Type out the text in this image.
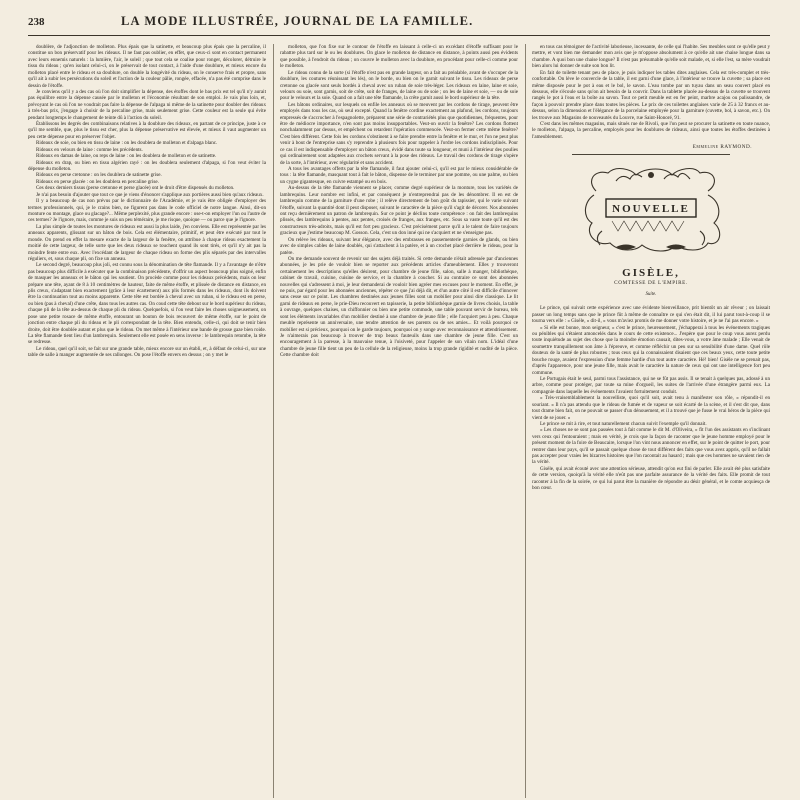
238	LA MODE ILLUSTRÉE, JOURNAL DE LA FAMILLE.

doublère, de l'adjonction de molleton. Plus épais que la satinette, et beaucoup plus épais que la percaline, il constitue un bon préservatif pour les rideaux. Il ne faut pas oublier, en effet, que ceux-ci sont en contact permanent avec leurs ennemis naturels : la lumière, l'air, le soleil ; que tout cela se coalise pour ronger, décolorer, détruire le tissu du rideau ; qu'en isolant celui-ci, on le préservait de tout contact, à l'aide d'une doublure, et mieux encore du molleton placé entre le rideau et sa doublure, on double la longévité du rideau, on le conserve frais et propre, sans qu'il ait à subir les persécutions du soleil et l'action de la couleur pâlie, rongée, effacée, n'a pas été comprise dans le dessin de l'étoffe.

Je conviens qu'il y a des cas où l'on doit simplifier la dépense, des étoffes dont le bas prix est tel qu'il n'y aurait pas équilibre entre la dépense causée par le molleton et l'économie résultant de son emploi. Je vais plus loin, et, prévoyant le cas où l'on ne voudrait pas faire la dépense de l'alpaga ni même de la satinette pour doubler des rideaux à très-bas prix, j'engage à choisir de la percaline grise, mais seulement grise. Cette couleur est la seule qui évite pendant longtemps le changement de teinte dû à l'action du soleil.

Établissons les degrés des combinaisons relatives à la doublure des rideaux, en partant de ce principe, juste à ce qu'il me semble, que, plus le tissu est cher, plus la dépense préservative est élevée, et mieux il vaut augmenter un peu cette dépense pour en préserver l'objet.

Rideaux de soie, ou bien en tissu de laine : on les doublera de molleton et d'alpaga blanc.

Rideaux en velours de laine : comme les précédents.

Rideaux en damas de laine, ou reps de laine : on les doublera de molleton et de satinette.

Rideaux en drap, ou bien en tissu algérien rayé : on les doublera seulement d'alpaga, si l'on veut éviter la dépense du molleton.

Rideaux en perse cretonne : on les doublera de satinette grise.

Rideaux en perse glacée : on les doublera en percaline grise.

Ces deux derniers tissus (perse cretonne et perse glacée) ont le droit d'être dispensés du molleton.

Je n'ai pas besoin d'ajouter que tout ce que je viens d'énoncer s'applique aux portières aussi bien qu'aux rideaux.

Il y a beaucoup de cas non prévus par le dictionnaire de l'Académie, et je vais être obligée d'employer des termes professionnels, qui, je le crains bien, ne figurent pas dans le code officiel de notre langue. Ainsi, dit-on monture ou montage, glace ou glacage?... Même perplexité, plus grande encore : ose-t-on employer l'un ou l'autre de ces termes? Je l'ignore, mais, comme je suis un peu téméraire, je me risque, quoique — ou parce que je l'ignore.

La plus simple de toutes les montures de rideaux est aussi la plus laide, j'en conviens. Elle est représentée par les anneaux apparents, glissant sur un bâton de bois. Cela est élémentaire, primitif, et peut être exécuté par tout le monde. On prend en effet la mesure exacte de la largeur de la fenêtre, on attribue à chaque rideau exactement la moitié de cette largeur, de telle sorte que les deux rideaux se touchent quand ils sont tirés, et qu'il n'y ait pas la moindre fente entre eux. Avec l'excédant de largeur de chaque rideau on forme des plis séparés par des intervalles réguliers, et, sous chaque pli, on fixe un anneau.

Le second degré, beaucoup plus joli, est connu sous la dénomination de tête flamande. Il y a l'avantage de n'être pas beaucoup plus difficile à exécuter que la combinaison précédente, d'offrir un aspect beaucoup plus soigné, enfin de masquer les anneaux et le bâton qui les soutient. On procède comme pour les rideaux précédents, mais on leur prépare une tête, ayant de 8 à 10 centimètres de hauteur, faite de même étoffe, et plissée de distance en distance, en plis creux, s'adaptant bien exactement (grâce à leur écartement) aux plis formés dans les rideaux, dont ils doivent être la continuation tout au moins apparente. Cette tête est bordée à cheval avec un ruban, si le rideau est en perse, ou bien (pas à cheval) d'une crête, dans tous les autres cas. On coud cette tête debout sur le bord supérieur du rideau, chaque pli de la tête au-dessus de chaque pli du rideau. Quelquefois, si l'on veut faire les choses soigneusement, on pose une petite rosace de même étoffe, entourant un bouton de bois recouvert de même étoffe, sur le point de jonction entre chaque pli du rideau et le pli correspondant de la tête. Bien entendu, celle-ci, qui doit se tenir bien droite, doit être doublée autant et plus que le rideau. On met même à l'intérieur une bande de grosse gaze bien roide. La tête flamande tient lieu d'un lambrequin. Seulement elle est posée en sens inverse : le lambrequin retombe, la tête se redresse.

Le rideau, quel qu'il soit, se fait sur une grande table, mieux encore sur un établi, et, à défaut de celui-ci, sur une table de salle à manger augmentée de ses rallonges. On pose l'étoffe envers en dessus ; on y met le

molleton, que l'on fixe sur le contour de l'étoffe en laissant à celle-ci un excédant d'étoffe suffisant pour le rabattre plus tard sur le ou les doublures. On glace le molleton de distance en distance, à points aussi peu évidents que possible, à l'endroit du rideau ; on couvre le molleton avec la doublure, en procédant pour celle-ci comme pour le molleton.

Le rideau connu de la sorte (si l'étoffe n'est pas en grande largeur, on a fait au préalable, avant de s'occuper de la doublure, les coutures réunissant les lés), on le borde, ou bien on le garnit suivant le tissu. Les rideaux de perse cretonne ou glacée sont seuls bordés à cheval avec un ruban de soie très-léger. Les rideaux en laine, laine et soie, velours ou soie, sont garnis, soit de crête, soit de franges, de laine ou de soie ; on les de laine et soie, — ou de soie pour le velours et la soie. Quand on a fait une tête flamande, la crête garnit aussi le bord supérieur de la tête.

Les bâtons ordinaires, sur lesquels on enfile les anneaux où se meuvent par les cordons de tirage, peuvent être employés dans tous les cas, où seul excepté. Quand la fenêtre cordine exactement au plafond, les cordons, toujours empressés de s'accrocher à l'espagnolette, préparent une série de contrariétés plus que quotidiennes, fréquentes, pour être de médiocre importance, n'en sont pas moins insupportables. Veut-on ouvrir la fenêtre? Les cordons flottent nonchalamment par dessus, et empêchent ou retardent l'opération commencée. Veut-on fermer cette même fenêtre? C'est bien différent. Cette fois les cordons s'obstinent à se faire prendre entre la fenêtre et le mur, et l'on ne peut plus venir à bout de l'entreprise sans s'y reprendre à plusieurs fois pour rappeler à l'ordre les cordons indisciplinés. Pour ce cas il est indispensable d'employer un bâton creux, évidé dans toute sa longueur, et muni à l'intérieur des poulies qui ordinairement sont adaptées aux crochets servant à la pose des rideaux. Le travail des cordons de tirage s'opère de la sorte, à l'intérieur, avec régularité et sans accident.

A tous les avantages offerts par la tête flamande, il faut ajouter celui-ci, qu'il est par le mieux considérable de tous : la tête flamande, masquant tout à fait le bâton, dispense de le terminer par une pomme, ou une palme, ou bien un cygne gigantesque, en cuivre estampé ou en bois.

Au-dessus de la tête flamande viennent se placer, comme degré supérieur de la monture, tous les variétés de lambrequins. Leur nombre est infini, et par conséquent je n'entreprendrai pas de les dénombrer. Il en est de lambrequin comme de la garniture d'une robe ; il relève directement de bon goût du tapissier, qui le varie suivant l'étoffe, suivant la quantité dont il peut disposer, suivant le caractère de la pièce qu'il s'agit de décorer. Nos abonnées ont reçu dernièrement un patron de lambrequin. Sur ce point je déclins toute compétence : on fait des lambrequins plissés, des lambrequins à pentes, aux pentes, croisés de franges, aux franges, etc. Sous sa vaste toute qu'il est des constructeurs très-adroits, mais qu'il est fort peu gracieux. C'est précisément parce qu'il a le talent de faire toujours gracieux que j'estime beaucoup M. Gosson. Cela, c'est un don inné qui ne s'acquiert et ne s'enseigne pas.

On relève les rideaux, suivant leur élégance, avec des embrasses en passementerie garnies de glands, ou bien avec de simples cables de laine doublés, qui s'attachent à la patère, et à un crochet placé derrière le rideau, pour la patère.

On me demande souvent de revenir sur des sujets déjà traités. Si cette demande n'était adressée par d'anciennes abonnées, je les prie de vouloir bien se reporter aux précédents articles d'ameublement. Elles y trouveront certainement les descriptions qu'elles désirent, pour chambre de jeune fille, salon, salle à manger, bibliothèque, cabinet de travail, cuisine, cuisine de service, et la chambre à coucher. Si au contraire ce sont des abonnées nouvelles qui s'adressent à moi, je leur demanderai de vouloir bien agréer mes excuses pour le moment. En effet, je ne puis, par égard pour les abonnées anciennes, répéter ce que j'ai déjà dit, et d'un autre côté il est difficile d'innover sans cesse sur ce point. Les chambres destinées aux jeunes filles sont un mobilier pour ainsi dire classique. Le lit garni de rideaux en perse, le prie-Dieu recouvert en tapisserie, la petite bibliothèque garnie de livres choisis, la table à ouvrage, quelques chaises, un chiffonnier ou bien une petite commode, une table pouvant servir de bureau, tels sont les éléments invariables d'un mobilier destiné à une chambre de jeune fille ; elle l'acquiert peu à peu. Chaque meuble représente un anniversaire, une tendre attention de ses parents ou de ses amies... Et voilà pourquoi ce mobilier est si précieux, pourquoi on le garde toujours, pourquoi on y songe avec reconnaissance et attendrissement. Je n'aimerais pas beaucoup à trouver de trop beaux fauteuils dans une chambre de jeune fille. C'est un encouragement à la paresse, à la mauvaise tenue, à l'oisiveté, pour l'appeler de son vilain nom. L'idéal d'une chambre de jeune fille tient un peu de la cellule de la religieuse, moins la trop grande rigidité et nudité de la pièce. Cette chambre doit

en tous cas témoigner de l'activité laborieuse, incessante, de celle qui l'habite. Ses meubles sont ce qu'elle peut y mettre, et vont bien me demander mon avis que je m'oppose absolument à ce qu'elle ait une chaise longue dans sa chambre. A quoi bon une chaise longue? Il n'est pas présumable qu'elle soit malade, et, si elle l'est, sa mère voudrait bien alors lui donner de suite son bon lit.

En fait de toilette tenant peu de place, je puis indiquer les tables dites anglaises. Cela est très-complet et très-confortable. On lève le couvercle de la table, il est garni d'une glace, à l'intérieur se trouve la cuvette ; sa place est même disposée pour le pot à eau et le bol, le savon. L'eau tombe par un tuyau dans un seau couvert placé en dessous, elle s'écoule sans qu'on ait besoin de la couvrir. Dans la tablette placée au-dessus de la cuvette se trouvent rangés le pot à l'eau et la boîte au savon. Tout ce petit meuble est en fer peint, marbre acajou ou palissandre, de façon à pouvoir prendre place dans toutes les pièces. Le prix de ces toilettes anglaises varie de 25 à 32 francs et au-dessus, selon la dimension et l'élégance de la porcelaine employée pour la garniture (cuvette, bol, à savon, etc.). On les trouve aux Magasins de nouveautés du Louvre, rue Saint-Honoré, 91.

C'est dans les mêmes magasins, mais situés rue de Rivoli, que l'on peut se procurer la satinette en toute nuance, le molleton, l'alpaga, la percaline, employés pour les doublures de rideaux, ainsi que toutes les étoffes destinées à l'ameublement.

Emmeline RAYMOND.
NOUVELLE
GISÈLE,
COMTESSE DE L'EMPIRE.
Suite.

Le prince, qui suivait cette expérience avec une évidente bienveillance, prit bientôt un air rêveur ; on laissait passer un long temps sans que le prince fût à même de connaître ce qui s'en était dit, il lui parut tout-à-coup il se tourna vers elle : « Gisèle, » dit-il, « vous m'aviez promis de me donner votre histoire, et je ne l'ai pas encore. »

« Si elle est bonne, mon seigneur, » c'est le prince, heureusement, j'échapperai à tous les événements tragiques ou pénibles qui s'étaient amoncelés dans le cours de cette existence... J'espère que pour le coup vous aurez perdu toute inquiétude au sujet des chose que la moindre émotion causait, dites-vous, a votre âme malade ; Elle venait de soumettre tranquillement son âme à l'épreuve, et comme réfléchir un peu sur sa sensibilité d'une dame. Quel rôle douteux de la santé de plus robustes ; tous ceux qui la connaissaient disaient que ces beaux yeux, cette toute petite bouche rouge, avaient l'expression d'une femme hardie d'un tout autre caractère. Hé! bien! Gisèle ne se prenait pas, d'après l'apparence, pour une jeune fille, mais avait le caractère la nature de ceux qui ont une intelligence fort peu commune.

Le Portugais était le seul, parmi tous l'assistance, qui ne se fût pas assis. Il se tenait à quelques pas, adossé à un arbre, comme pour protéger, par toute sa mine d'orgueil, les suites de l'arrivée d'une étrangère parmi eux. La compagnie dans laquelle les événements l'avaient fortuitement conduit.

« Très-vraisemblablement la nouvelliste, quoi qu'il soit, avait tenu à manifester son rôle, » répondit-il en souriant. « Il n'a pas attendu que le rideau de fumée et de vapeur se soit écarté de la scène, et il s'est dit que, dans tout drame bien fait, on ne pouvait se passer d'un dénouement, et il a trouvé que je fusse le vrai héros de la pièce qui vient de se jouer. »

Le prince se mit à rire, et tout naturellement chacun suivit l'exemple qu'il donnait.

« Les choses ne se sont pas passées tout à fait comme le dit M. d'Oliveira, » fit l'un des assistants en s'inclinant vers ceux qui l'entouraient ; mais en vérité, je crois que la façon de raconter que le jeune homme employé pour le présent moment de la foire de Beaucaire, lorsque l'on vint nous annoncer en effet, sur le point de quitter le port, pour rentrer dans leur pays, qu'il se passait quelque chose de tout différent des faits que vous avez appris, qu'il ne fallait pas accepter pour vraies les bizarres histoires que l'on racontait au hasard ; mais que ces hommes ne savaient rien de la vérité.

Gisèle, qui avait écouté avec une attention sérieuse, attendit qu'on eut fini de parler. Elle avait été plus satisfaite de cette version, quoiqu'à la vérité elle n'eût pas une parfaite assurance de la vérité des faits. Elle promit de tout raconter à la fin de la soirée, ce qui lui parut être la manière de répondre au désir général, et le comte acquiesça de bon cœur.
